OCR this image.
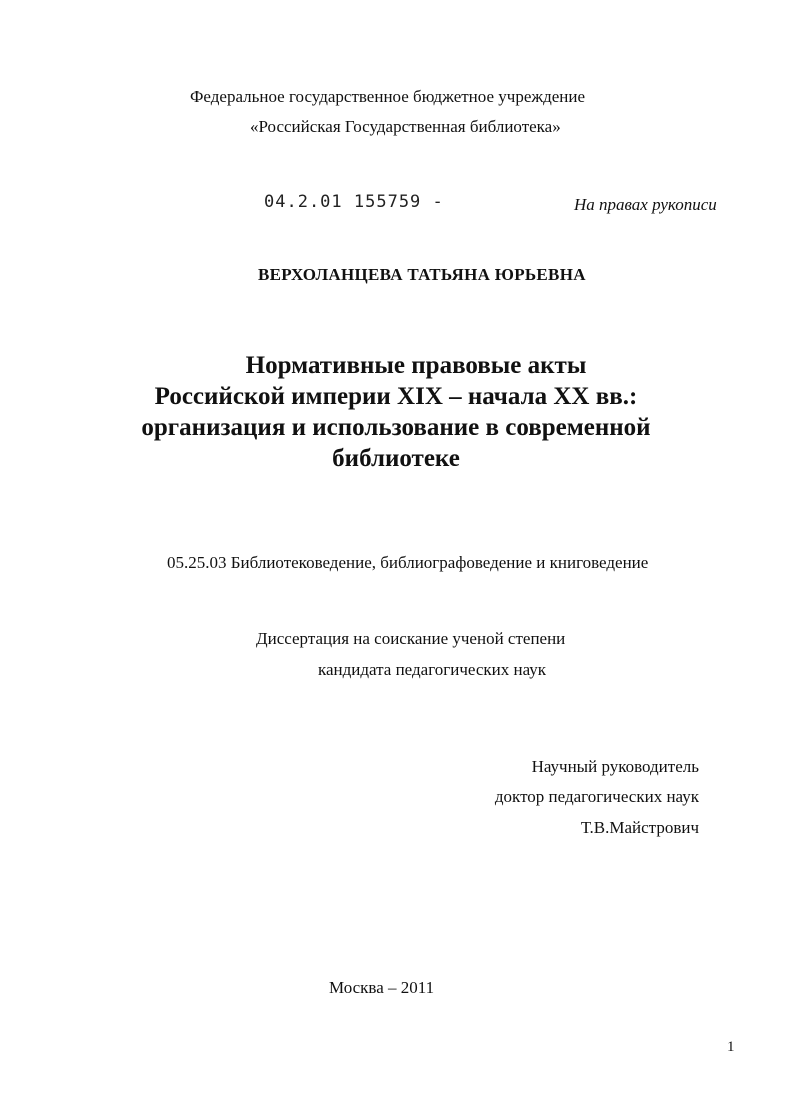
Федеральное государственное бюджетное учреждение
«Российская Государственная библиотека»
04.2.01 155759 -	На правах рукописи
ВЕРХОЛАНЦЕВА ТАТЬЯНА ЮРЬЕВНА
Нормативные правовые акты
Российской империи XIX – начала XX вв.:
организация и использование в современной
библиотеке
05.25.03 Библиотековедение, библиографоведение и книговедение
Диссертация на соискание ученой степени
кандидата педагогических наук
Научный руководитель
доктор педагогических наук
Т.В.Майстрович
Москва – 2011
1
